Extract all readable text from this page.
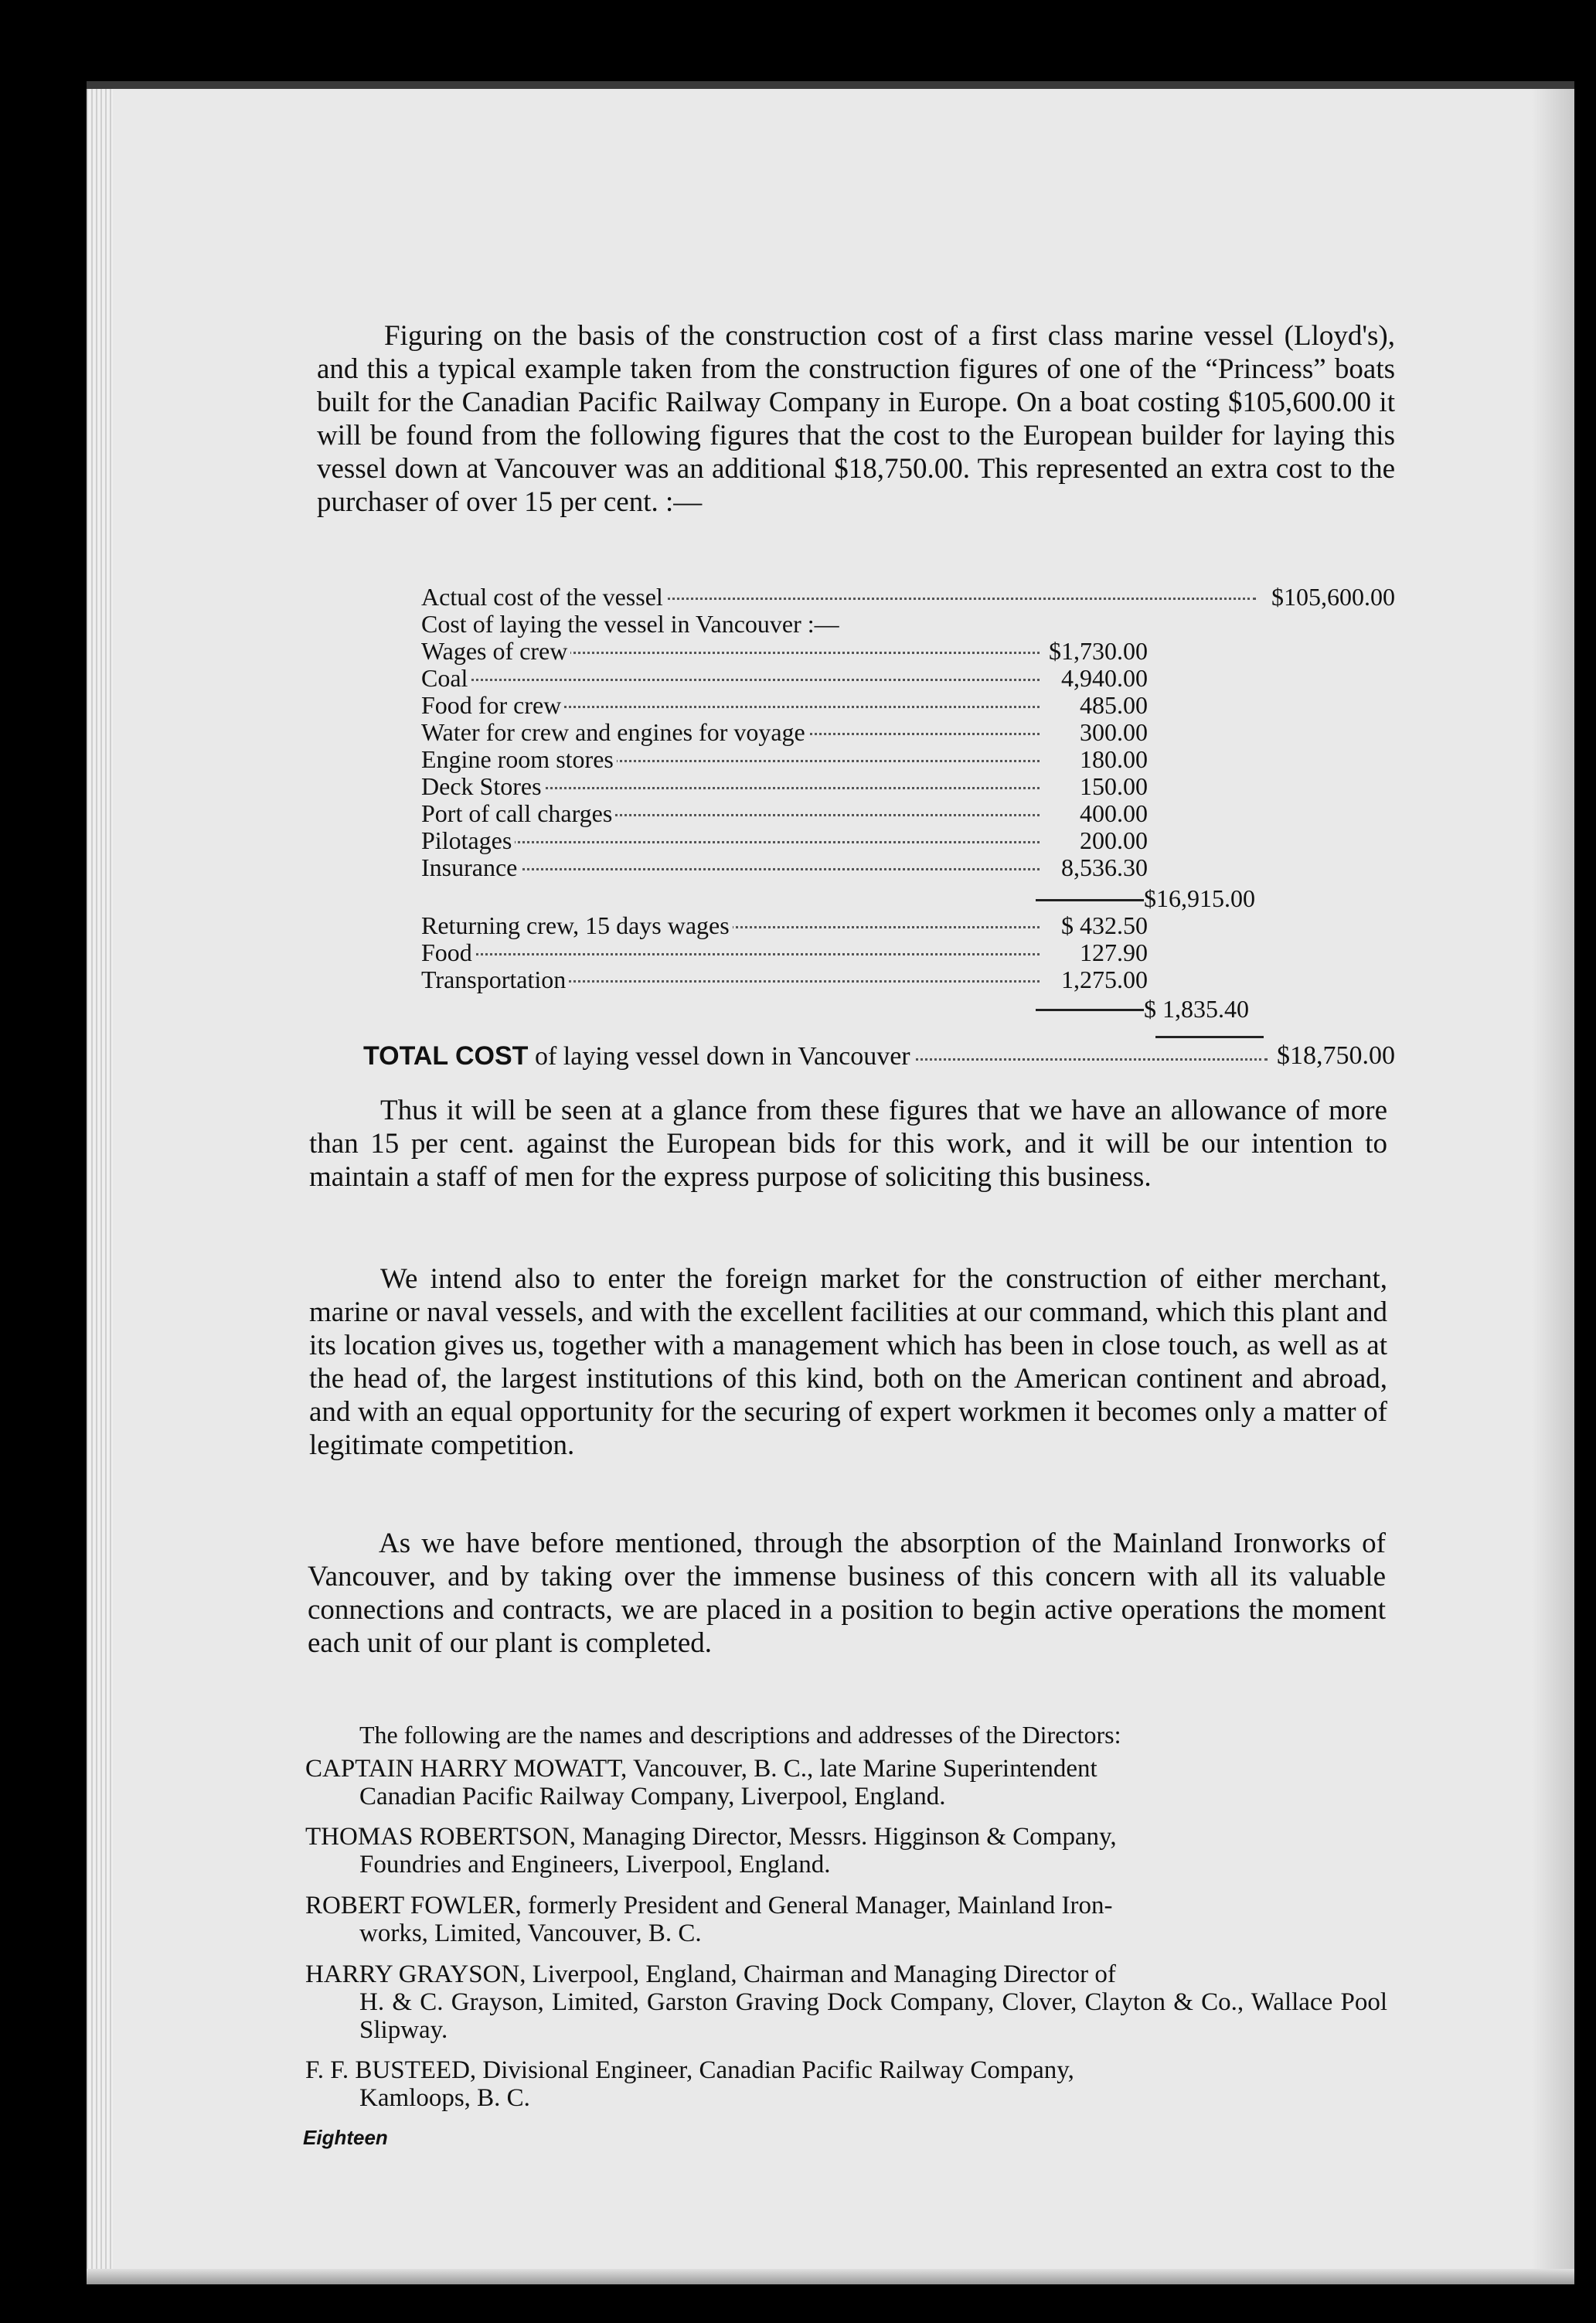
Figuring on the basis of the construction cost of a first class marine vessel (Lloyd's), and this a typical example taken from the construction figures of one of the “Princess” boats built for the Canadian Pacific Railway Company in Europe. On a boat costing $105,600.00 it will be found from the following figures that the cost to the European builder for laying this vessel down at Vancouver was an additional $18,750.00. This represented an extra cost to the purchaser of over 15 per cent. :—

Actual cost of the vessel	$105,600.00
Cost of laying the vessel in Vancouver :—
Wages of crew	$1,730.00
Coal	4,940.00
Food for crew	485.00
Water for crew and engines for voyage	300.00
Engine room stores	180.00
Deck Stores	150.00
Port of call charges	400.00
Pilotages	200.00
Insurance	8,536.30
$16,915.00
Returning crew, 15 days wages	$ 432.50
Food	127.90
Transportation	1,275.00
$ 1,835.40
TOTAL COST of laying vessel down in Vancouver	$18,750.00

Thus it will be seen at a glance from these figures that we have an allowance of more than 15 per cent. against the European bids for this work, and it will be our intention to maintain a staff of men for the express purpose of soliciting this business.

We intend also to enter the foreign market for the construction of either merchant, marine or naval vessels, and with the excellent facilities at our command, which this plant and its location gives us, together with a management which has been in close touch, as well as at the head of, the largest institutions of this kind, both on the American continent and abroad, and with an equal opportunity for the securing of expert workmen it becomes only a matter of legitimate competition.

As we have before mentioned, through the absorption of the Mainland Ironworks of Vancouver, and by taking over the immense business of this concern with all its valuable connections and contracts, we are placed in a position to begin active operations the moment each unit of our plant is completed.

The following are the names and descriptions and addresses of the Directors:
CAPTAIN HARRY MOWATT, Vancouver, B. C., late Marine Superintendent
Canadian Pacific Railway Company, Liverpool, England.
THOMAS ROBERTSON, Managing Director, Messrs. Higginson & Company,
Foundries and Engineers, Liverpool, England.
ROBERT FOWLER, formerly President and General Manager, Mainland Iron-
works, Limited, Vancouver, B. C.
HARRY GRAYSON, Liverpool, England, Chairman and Managing Director of
H. & C. Grayson, Limited, Garston Graving Dock Company, Clover, Clayton & Co., Wallace Pool Slipway.
F. F. BUSTEED, Divisional Engineer, Canadian Pacific Railway Company,
Kamloops, B. C.
Eighteen
